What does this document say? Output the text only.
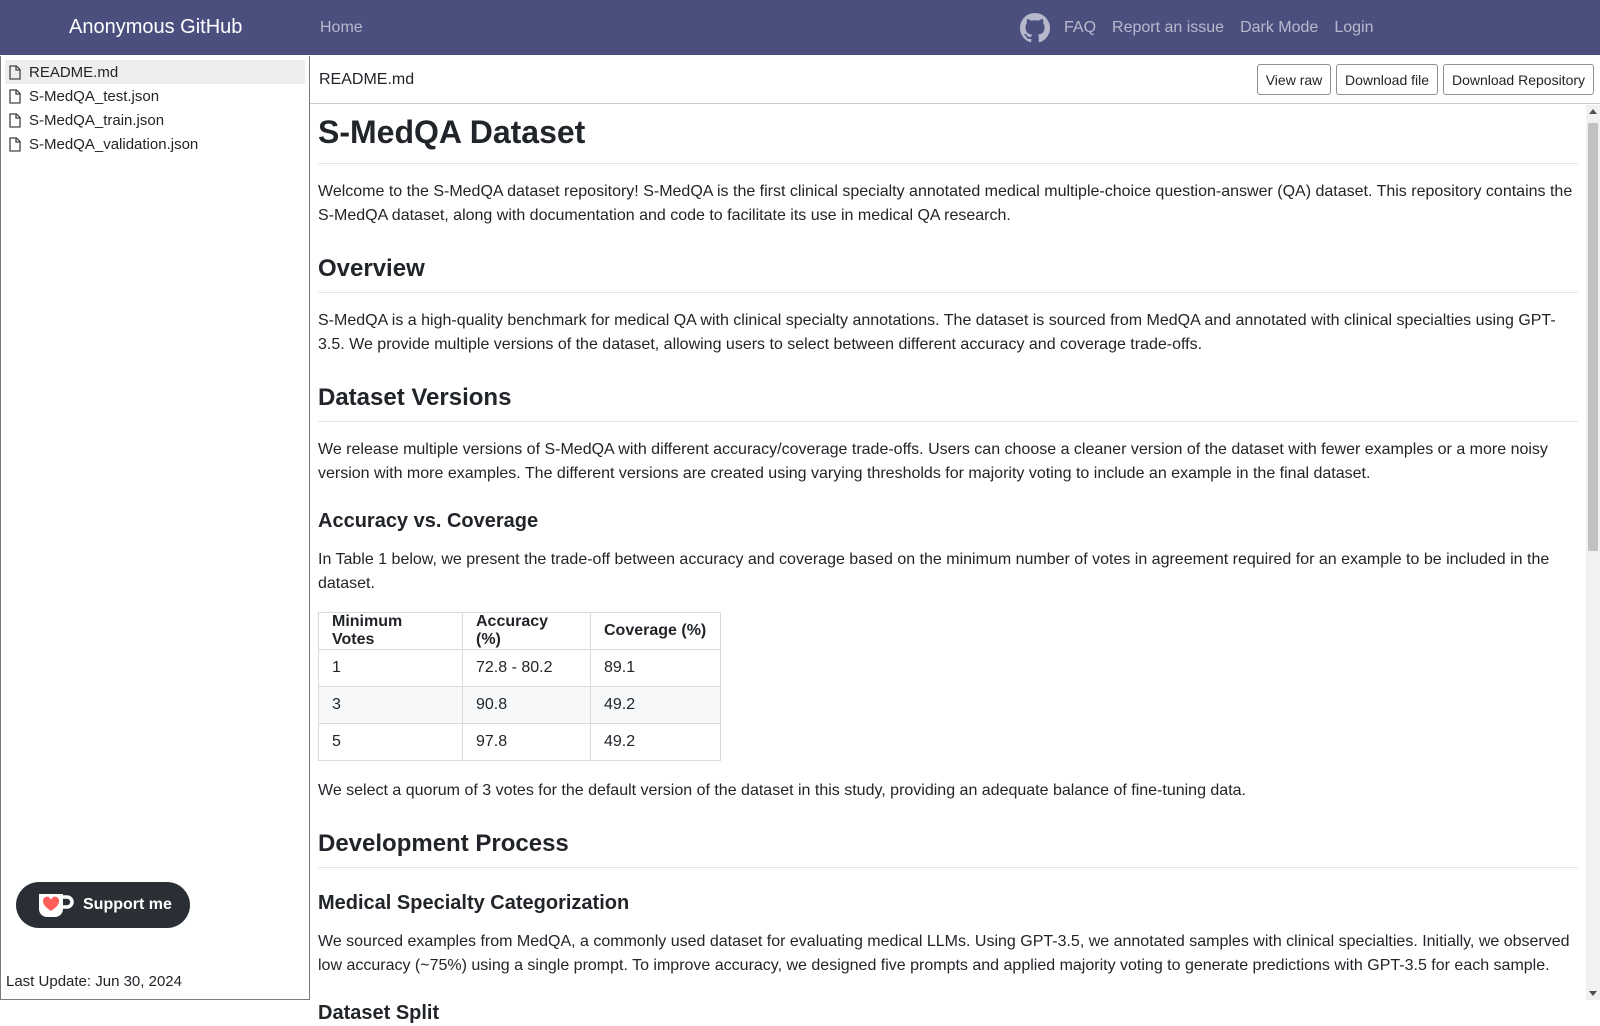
Anonymous GitHub	Home	FAQ Report an issue Dark Mode Login
README.md
S-MedQA_test.json
S-MedQA_train.json
S-MedQA_validation.json
Last Update: Jun 30, 2024
Support me
README.md	View raw	Download file	Download Repository
S-MedQA Dataset

Welcome to the S-MedQA dataset repository! S-MedQA is the first clinical specialty annotated medical multiple-choice question-answer (QA) dataset. This repository contains the S-MedQA dataset, along with documentation and code to facilitate its use in medical QA research.

Overview

S-MedQA is a high-quality benchmark for medical QA with clinical specialty annotations. The dataset is sourced from MedQA and annotated with clinical specialties using GPT-3.5. We provide multiple versions of the dataset, allowing users to select between different accuracy and coverage trade-offs.

Dataset Versions

We release multiple versions of S-MedQA with different accuracy/coverage trade-offs. Users can choose a cleaner version of the dataset with fewer examples or a more noisy version with more examples. The different versions are created using varying thresholds for majority voting to include an example in the final dataset.

Accuracy vs. Coverage

In Table 1 below, we present the trade-off between accuracy and coverage based on the minimum number of votes in agreement required for an example to be included in the dataset.

Minimum Votes	Accuracy (%)	Coverage (%)
1	72.8 - 80.2	89.1
3	90.8	49.2
5	97.8	49.2

We select a quorum of 3 votes for the default version of the dataset in this study, providing an adequate balance of fine-tuning data.

Development Process
Medical Specialty Categorization

We sourced examples from MedQA, a commonly used dataset for evaluating medical LLMs. Using GPT-3.5, we annotated samples with clinical specialties. Initially, we observed low accuracy (~75%) using a single prompt. To improve accuracy, we designed five prompts and applied majority voting to generate predictions with GPT-3.5 for each sample.

Dataset Split
